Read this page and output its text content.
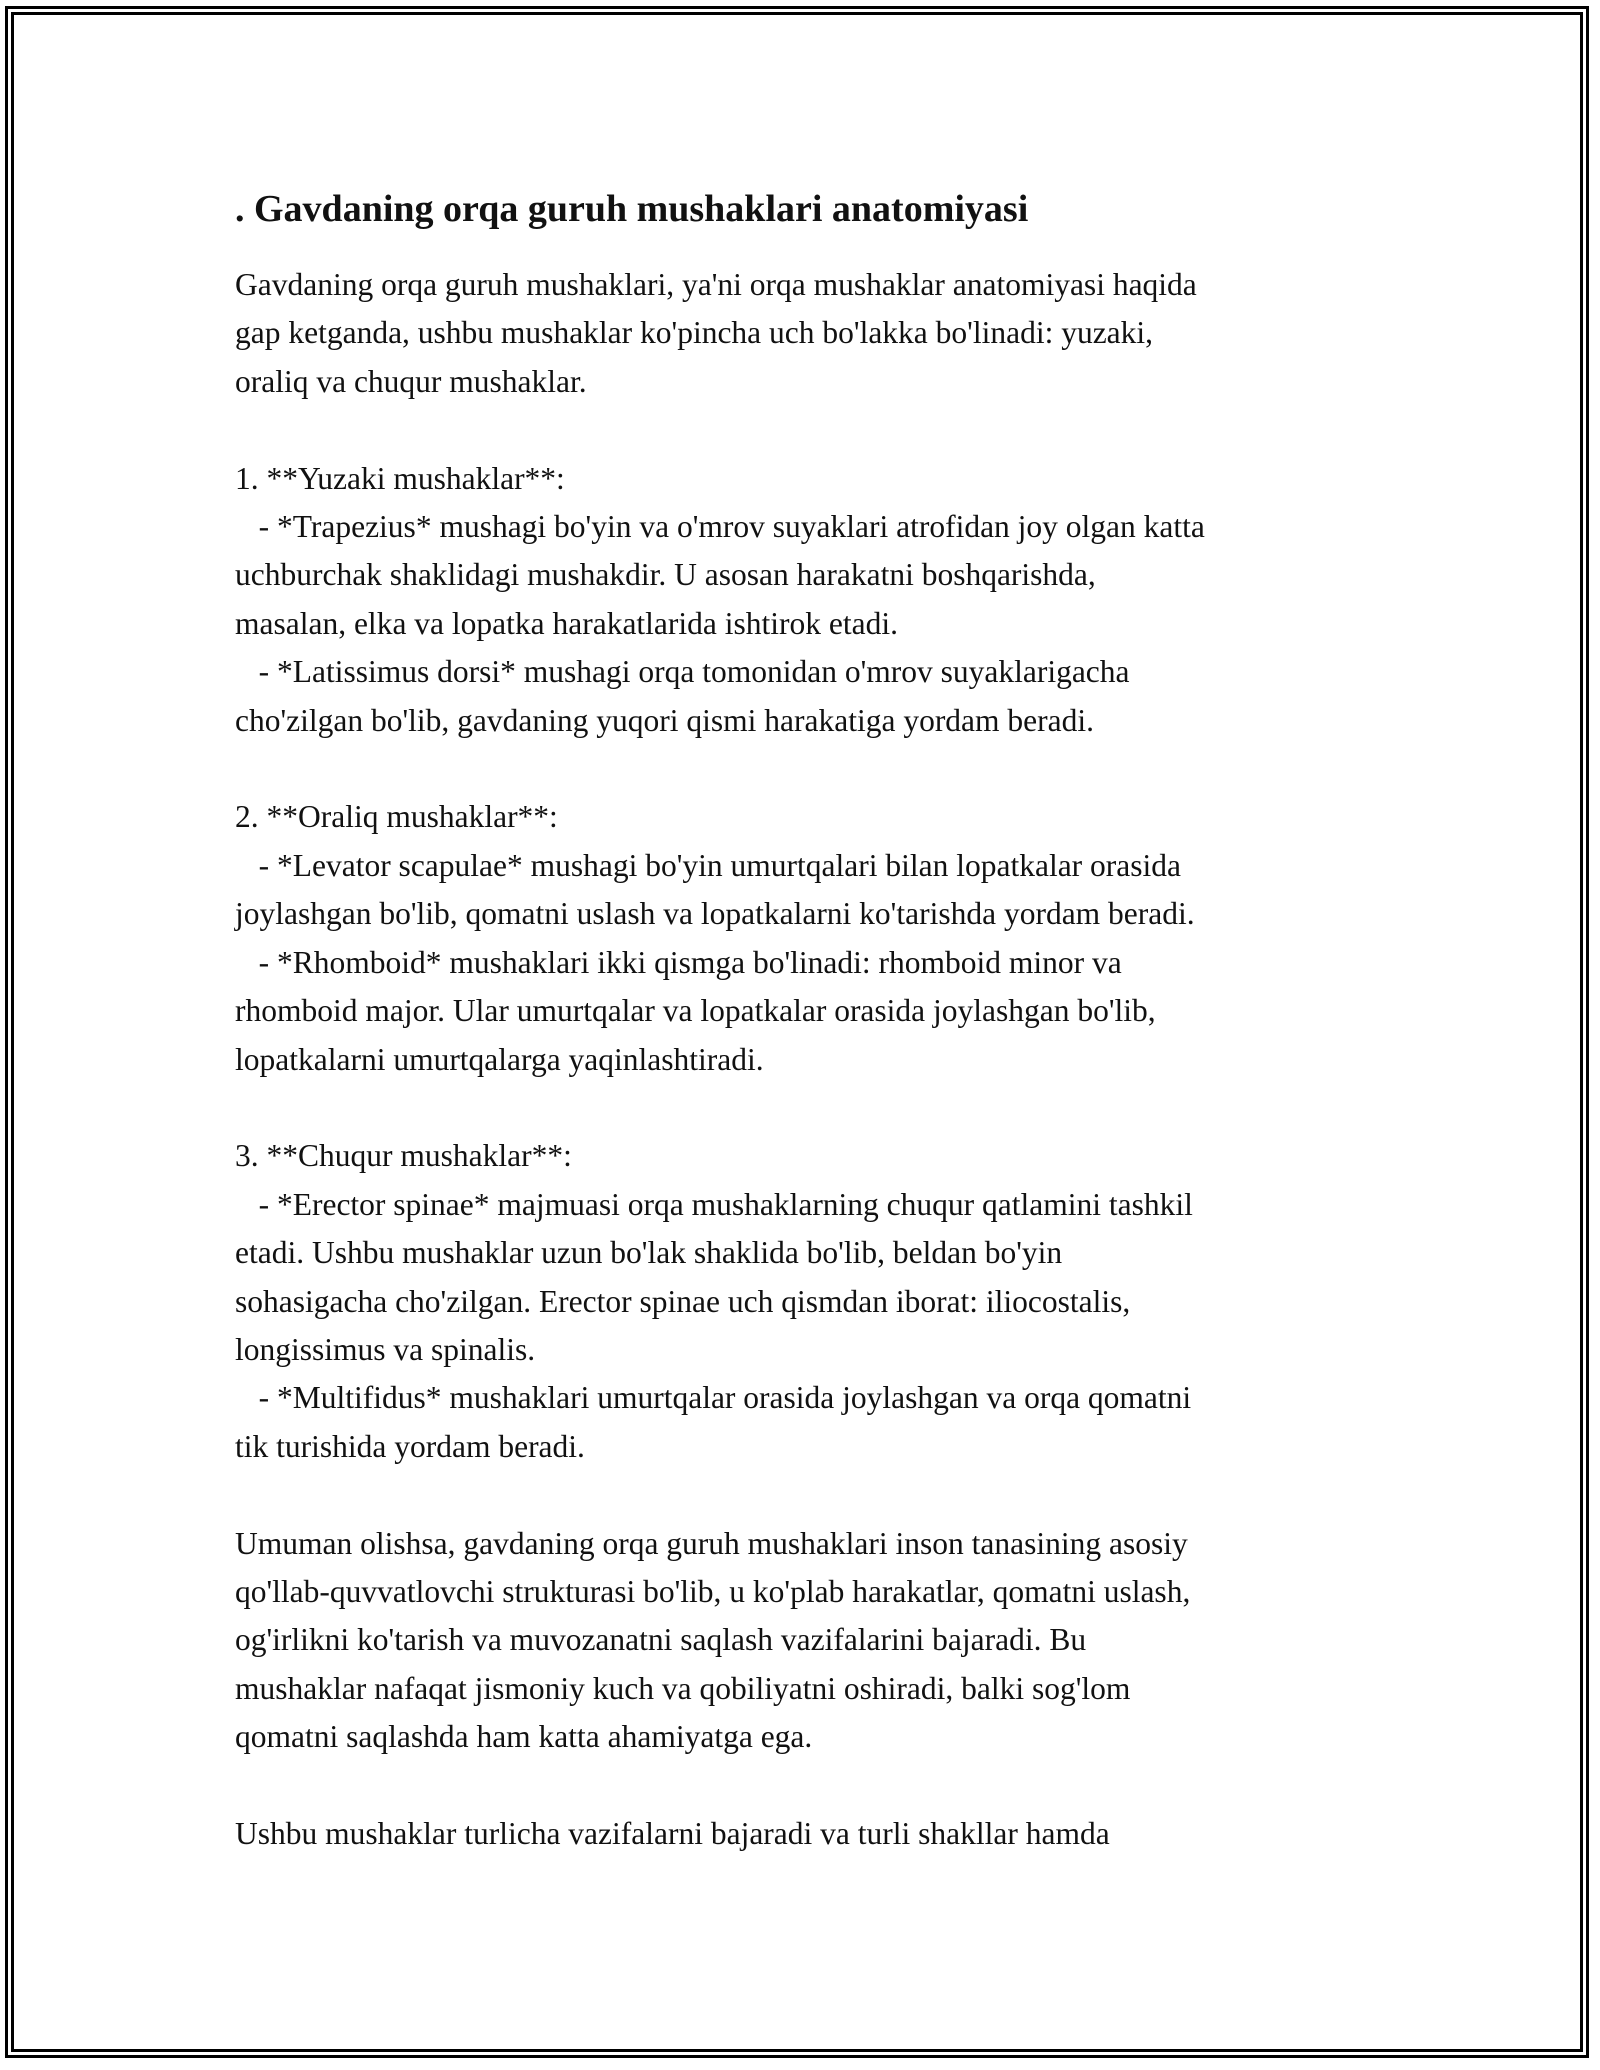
. Gavdaning orqa guruh mushaklari anatomiyasi
Gavdaning orqa guruh mushaklari, ya'ni orqa mushaklar anatomiyasi haqida
gap ketganda, ushbu mushaklar ko'pincha uch bo'lakka bo'linadi: yuzaki,
oraliq va chuqur mushaklar.

1. **Yuzaki mushaklar**:
- *Trapezius* mushagi bo'yin va o'mrov suyaklari atrofidan joy olgan katta
uchburchak shaklidagi mushakdir. U asosan harakatni boshqarishda,
masalan, elka va lopatka harakatlarida ishtirok etadi.
- *Latissimus dorsi* mushagi orqa tomonidan o'mrov suyaklarigacha
cho'zilgan bo'lib, gavdaning yuqori qismi harakatiga yordam beradi.

2. **Oraliq mushaklar**:
- *Levator scapulae* mushagi bo'yin umurtqalari bilan lopatkalar orasida
joylashgan bo'lib, qomatni uslash va lopatkalarni ko'tarishda yordam beradi.
- *Rhomboid* mushaklari ikki qismga bo'linadi: rhomboid minor va
rhomboid major. Ular umurtqalar va lopatkalar orasida joylashgan bo'lib,
lopatkalarni umurtqalarga yaqinlashtiradi.

3. **Chuqur mushaklar**:
- *Erector spinae* majmuasi orqa mushaklarning chuqur qatlamini tashkil
etadi. Ushbu mushaklar uzun bo'lak shaklida bo'lib, beldan bo'yin
sohasigacha cho'zilgan. Erector spinae uch qismdan iborat: iliocostalis,
longissimus va spinalis.
- *Multifidus* mushaklari umurtqalar orasida joylashgan va orqa qomatni
tik turishida yordam beradi.

Umuman olishsa, gavdaning orqa guruh mushaklari inson tanasining asosiy
qo'llab-quvvatlovchi strukturasi bo'lib, u ko'plab harakatlar, qomatni uslash,
og'irlikni ko'tarish va muvozanatni saqlash vazifalarini bajaradi. Bu
mushaklar nafaqat jismoniy kuch va qobiliyatni oshiradi, balki sog'lom
qomatni saqlashda ham katta ahamiyatga ega.

Ushbu mushaklar turlicha vazifalarni bajaradi va turli shakllar hamda
